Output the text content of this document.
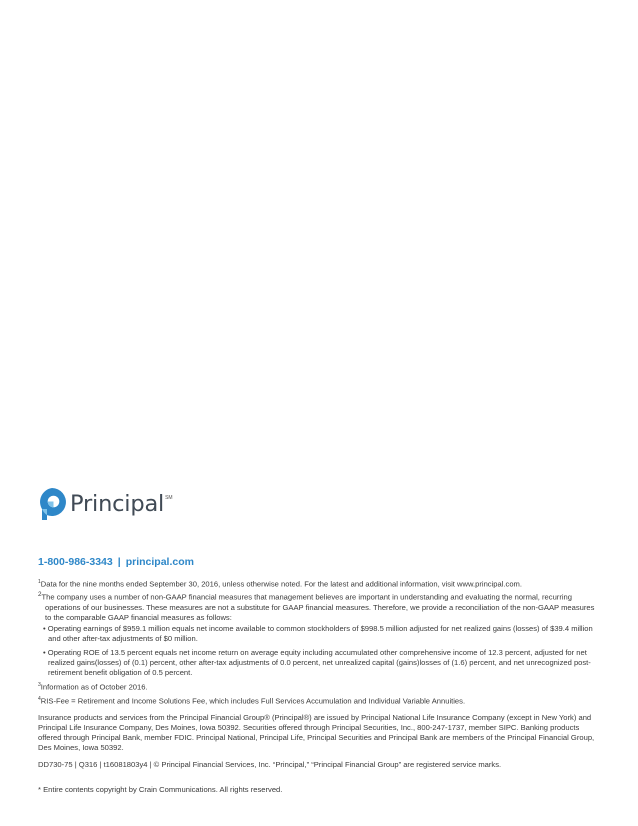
Principal SM
1-800-986-3343 | principal.com

$^1$Data for the nine months ended September 30, 2016, unless otherwise noted. For the latest and additional information, visit www.principal.com.

$^2$The company uses a number of non-GAAP financial measures that management believes are important in understanding and evaluating the normal, recurring operations of our businesses. These measures are not a substitute for GAAP financial measures. Therefore, we provide a reconciliation of the non-GAAP measures to the comparable GAAP financial measures as follows:

• Operating earnings of $959.1 million equals net income available to common stockholders of $998.5 million adjusted for net realized gains (losses) of $39.4 million and other after-tax adjustments of $0 million.

• Operating ROE of 13.5 percent equals net income return on average equity including accumulated other comprehensive income of 12.3 percent, adjusted for net realized gains(losses) of (0.1) percent, other after-tax adjustments of 0.0 percent, net unrealized capital (gains)losses of (1.6) percent, and net unrecognized post-retirement benefit obligation of 0.5 percent.

$^3$Information as of October 2016.

$^4$RIS-Fee = Retirement and Income Solutions Fee, which includes Full Services Accumulation and Individual Variable Annuities.

Insurance products and services from the Principal Financial Group® (Principal®) are issued by Principal National Life Insurance Company (except in New York) and Principal Life Insurance Company, Des Moines, Iowa 50392. Securities offered through Principal Securities, Inc., 800-247-1737, member SIPC. Banking products offered through Principal Bank, member FDIC. Principal National, Principal Life, Principal Securities and Principal Bank are members of the Principal Financial Group, Des Moines, Iowa 50392.

DD730-75 | Q316 | t16081803y4 | © Principal Financial Services, Inc. “Principal,” “Principal Financial Group” are registered service marks.

* Entire contents copyright by Crain Communications. All rights reserved.
